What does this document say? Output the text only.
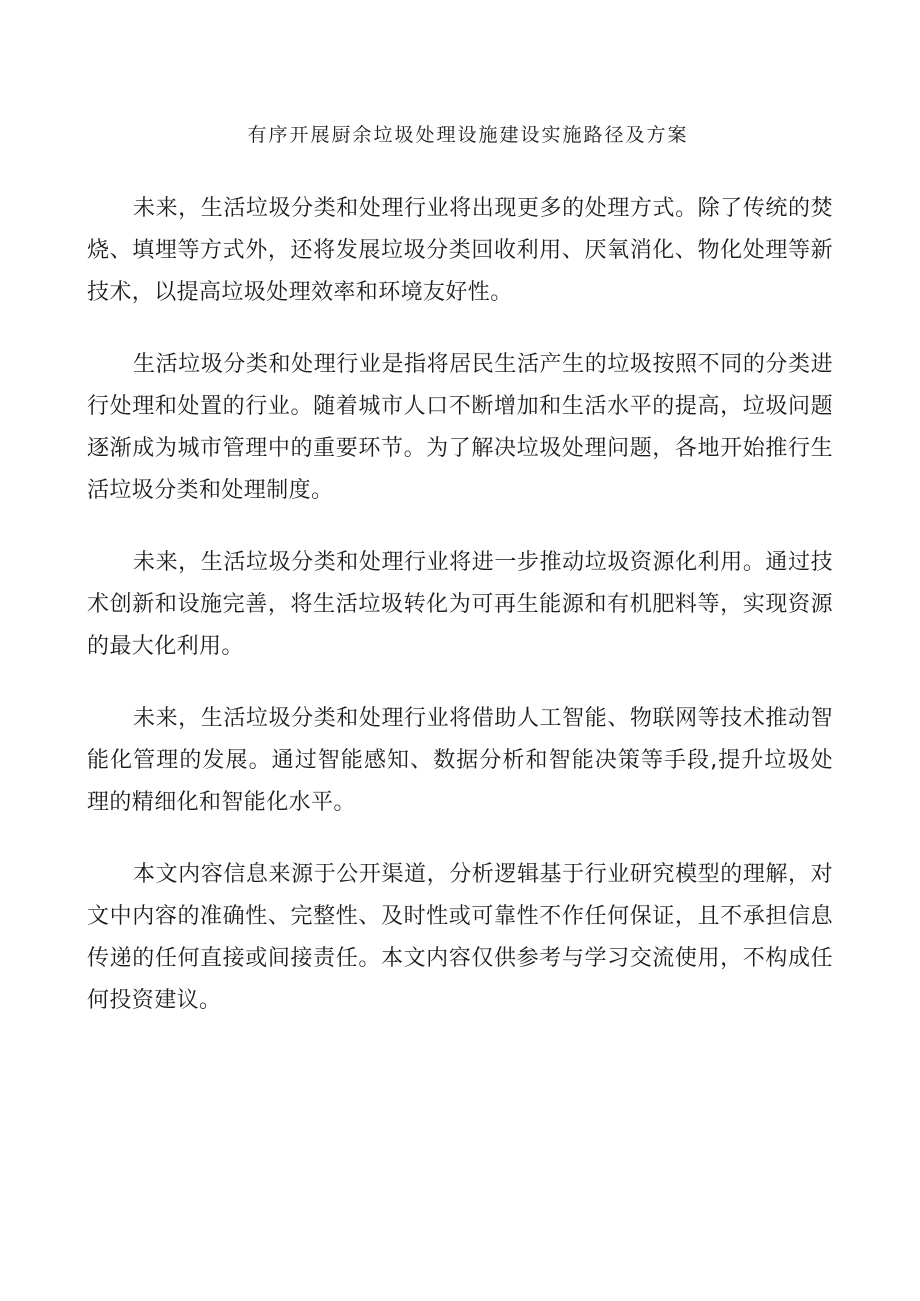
有序开展厨余垃圾处理设施建设实施路径及方案

未来，生活垃圾分类和处理行业将出现更多的处理方式。除了传统的焚烧、填埋等方式外，还将发展垃圾分类回收利用、厌氧消化、物化处理等新技术，以提高垃圾处理效率和环境友好性。

生活垃圾分类和处理行业是指将居民生活产生的垃圾按照不同的分类进行处理和处置的行业。随着城市人口不断增加和生活水平的提高，垃圾问题逐渐成为城市管理中的重要环节。为了解决垃圾处理问题，各地开始推行生活垃圾分类和处理制度。

未来，生活垃圾分类和处理行业将进一步推动垃圾资源化利用。通过技术创新和设施完善，将生活垃圾转化为可再生能源和有机肥料等，实现资源的最大化利用。

未来，生活垃圾分类和处理行业将借助人工智能、物联网等技术推动智能化管理的发展。通过智能感知、数据分析和智能决策等手段,提升垃圾处理的精细化和智能化水平。

本文内容信息来源于公开渠道，分析逻辑基于行业研究模型的理解，对文中内容的准确性、完整性、及时性或可靠性不作任何保证，且不承担信息传递的任何直接或间接责任。本文内容仅供参考与学习交流使用，不构成任何投资建议。
